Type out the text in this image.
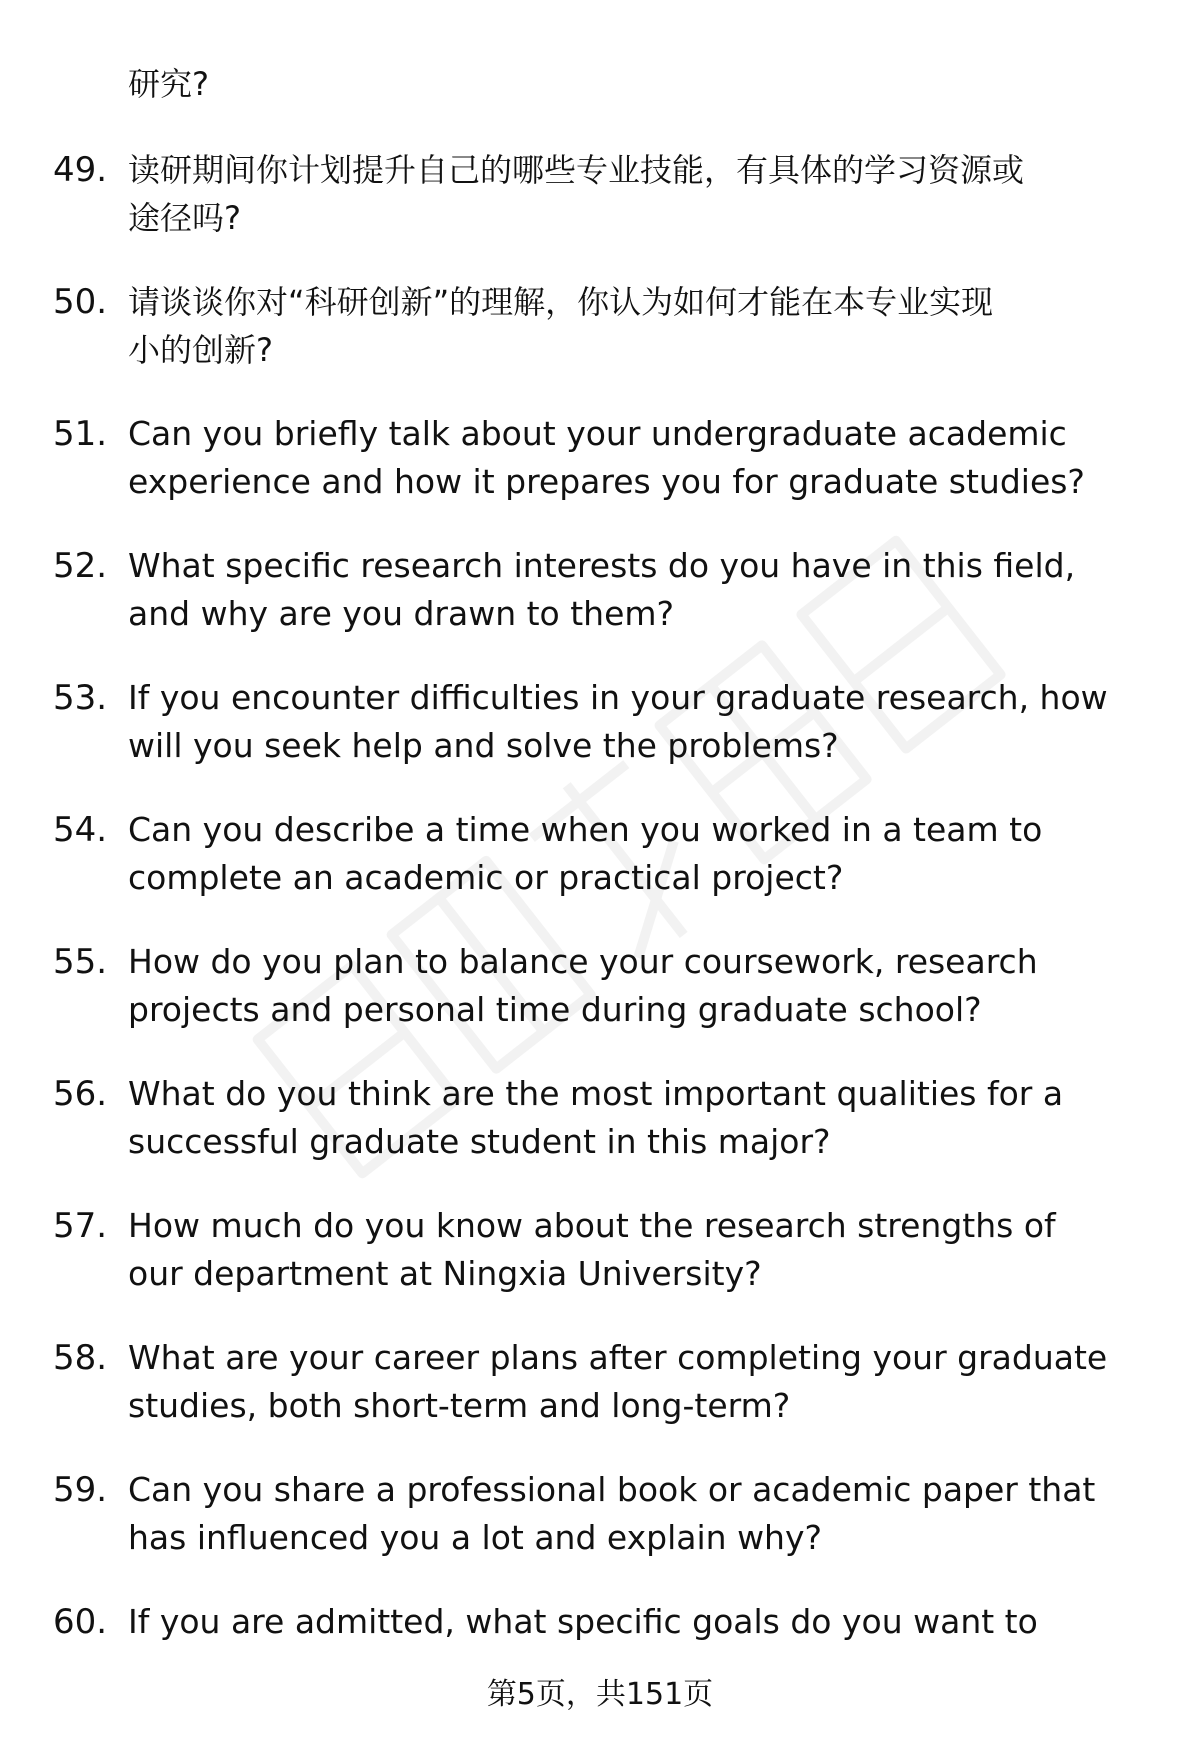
研究?
49. 读研期间你计划提升自己的哪些专业技能，有具体的学习资源或
途径吗?
50. 请谈谈你对“科研创新”的理解，你认为如何才能在本专业实现
小的创新?
51. Can you briefly talk about your undergraduate academic
experience and how it prepares you for graduate studies?
52. What specific research interests do you have in this field,
and why are you drawn to them?
53. If you encounter difficulties in your graduate research, how
will you seek help and solve the problems?
54. Can you describe a time when you worked in a team to
complete an academic or practical project?
55. How do you plan to balance your coursework, research
projects and personal time during graduate school?
56. What do you think are the most important qualities for a
successful graduate student in this major?
57. How much do you know about the research strengths of
our department at Ningxia University?
58. What are your career plans after completing your graduate
studies, both short-term and long-term?
59. Can you share a professional book or academic paper that
has influenced you a lot and explain why?
60. If you are admitted, what specific goals do you want to
第5页，共151页
